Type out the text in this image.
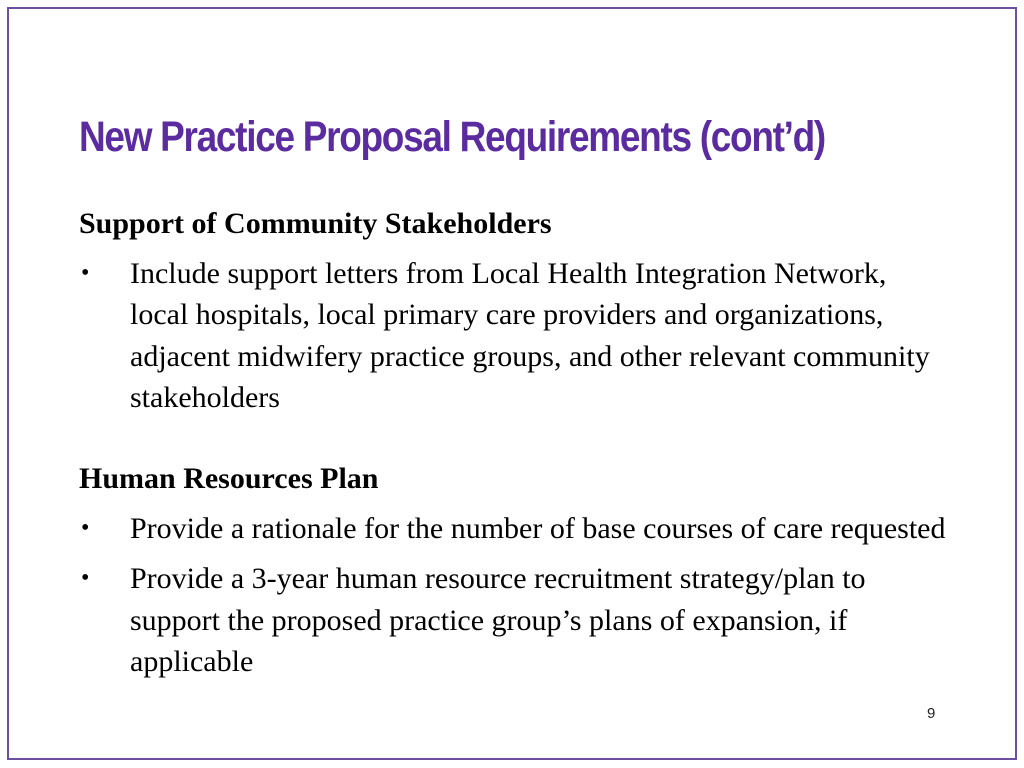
New Practice Proposal Requirements (cont’d)
Support of Community Stakeholders
• Include support letters from Local Health Integration Network, local hospitals, local primary care providers and organizations, adjacent midwifery practice groups, and other relevant community stakeholders
Human Resources Plan
• Provide a rationale for the number of base courses of care requested
• Provide a 3-year human resource recruitment strategy/plan to support the proposed practice group’s plans of expansion, if applicable
9
